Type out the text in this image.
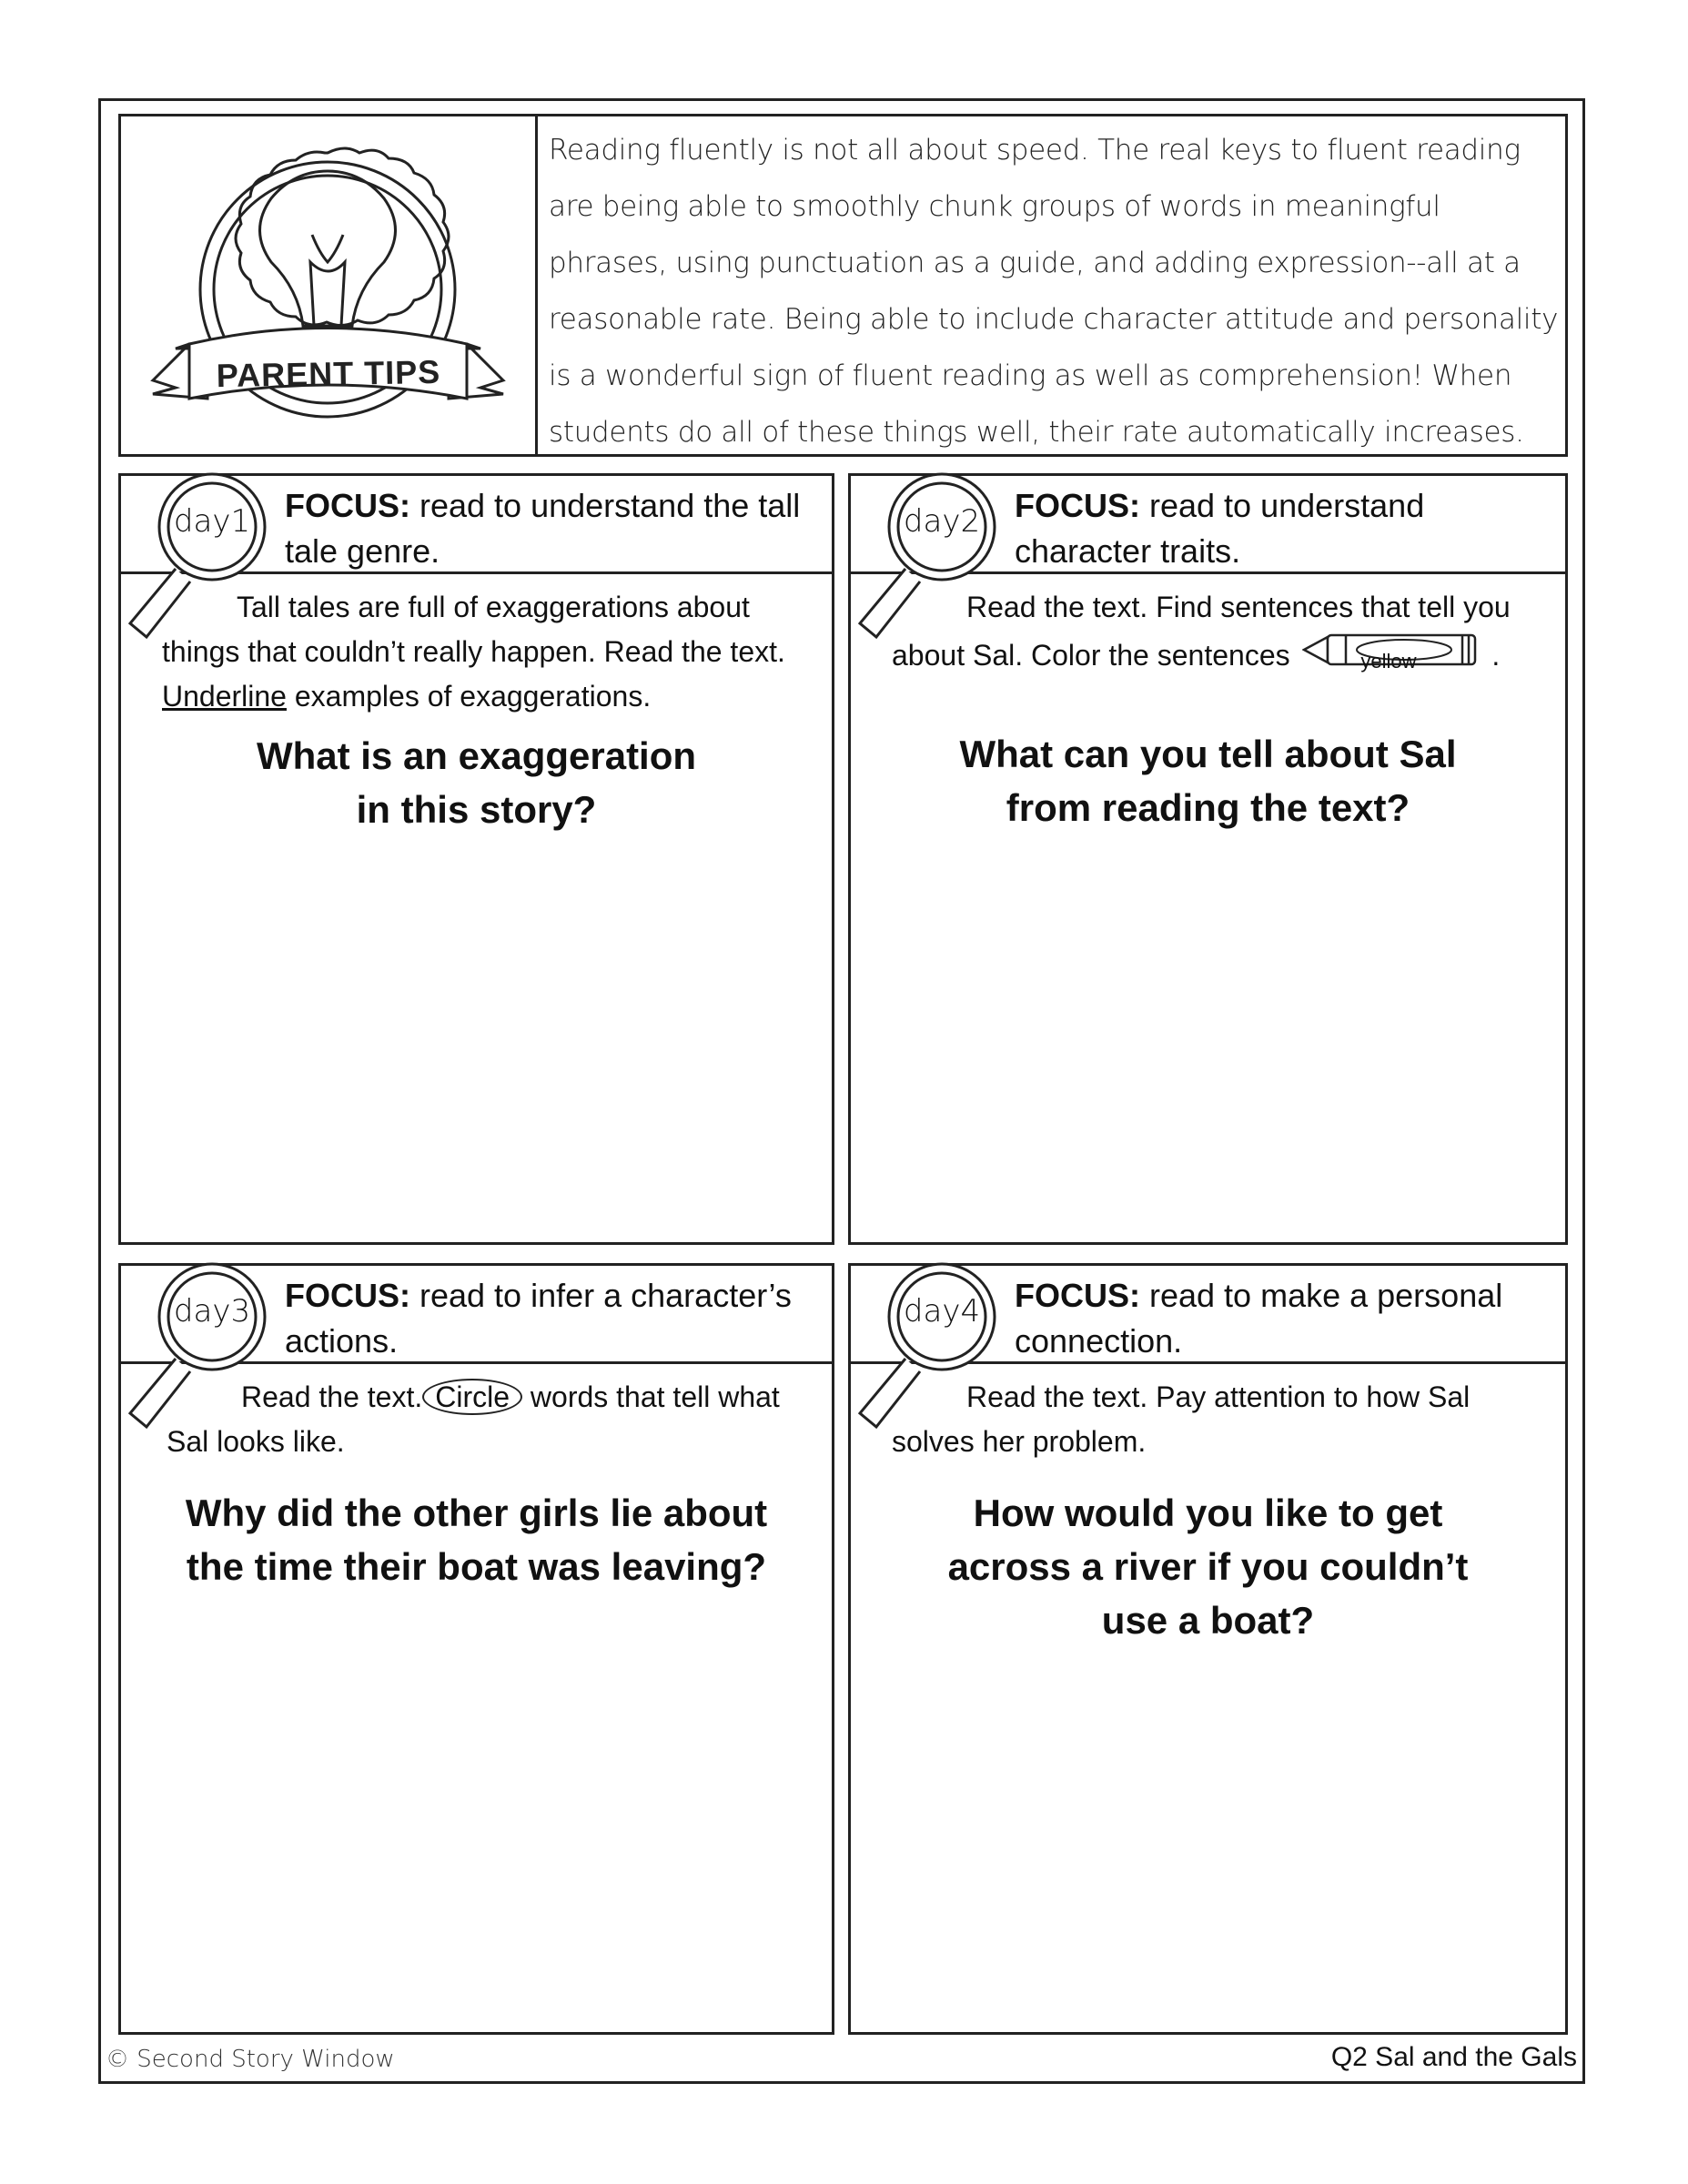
PARENT TIPS
Reading fluently is not all about speed. The real keys to fluent reading are being able to smoothly chunk groups of words in meaningful phrases, using punctuation as a guide, and adding expression--all at a reasonable rate. Being able to include character attitude and personality is a wonderful sign of fluent reading as well as comprehension! When students do all of these things well, their rate automatically increases.
FOCUS: read to understand the tall tale genre.
day1
Tall tales are full of exaggerations about things that couldn’t really happen. Read the text. Underline examples of exaggerations.
What is an exaggeration
in this story?
FOCUS: read to understand character traits.
day2
Read the text. Find sentences that tell you about Sal. Color the sentences	.
What can you tell about Sal
from reading the text?
FOCUS: read to infer a character’s actions.
day3
Read the text. Circle words that tell what Sal looks like.
Why did the other girls lie about
the time their boat was leaving?
FOCUS: read to make a personal connection.
day4
Read the text. Pay attention to how Sal solves her problem.
How would you like to get
across a river if you couldn’t
use a boat?
© Second Story Window	Q2 Sal and the Gals
